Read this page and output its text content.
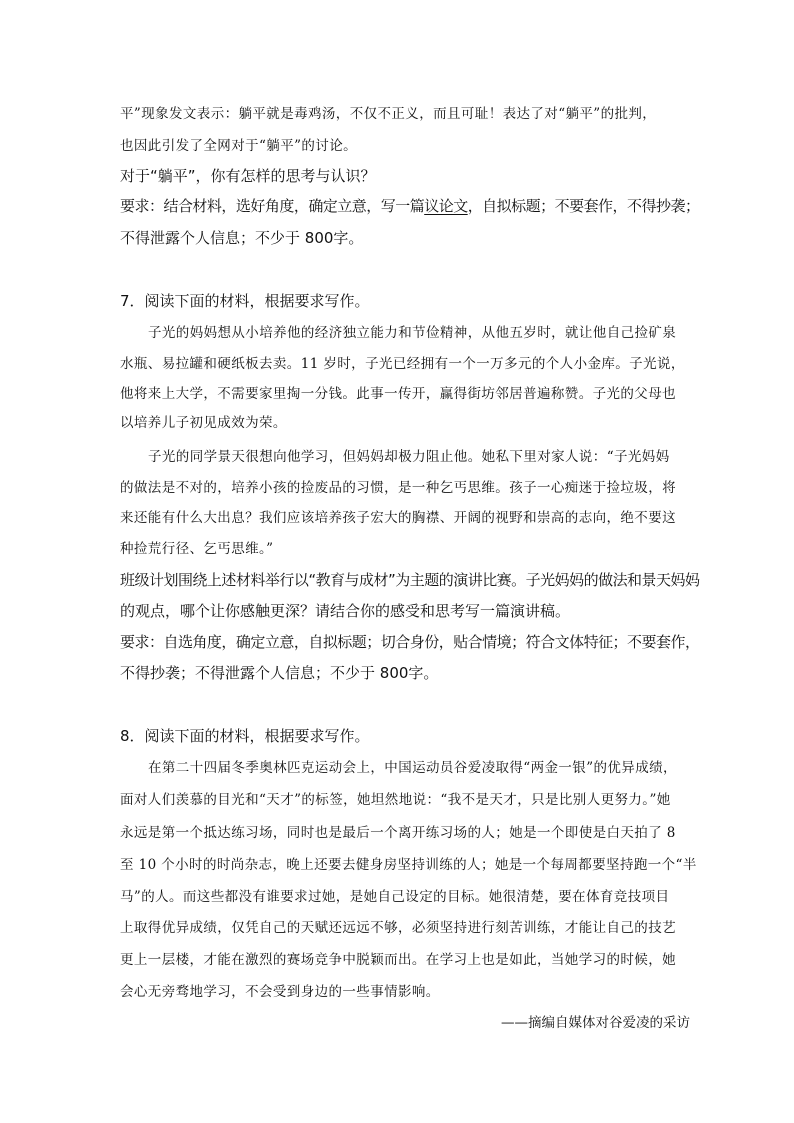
平”现象发文表示：躺平就是毒鸡汤，不仅不正义，而且可耻！表达了对“躺平”的批判，
也因此引发了全网对于“躺平”的讨论。
对于“躺平”，你有怎样的思考与认识？
要求：结合材料，选好角度，确定立意，写一篇议论文，自拟标题；不要套作，不得抄袭；
不得泄露个人信息；不少于 800字。
7．阅读下面的材料，根据要求写作。
子光的妈妈想从小培养他的经济独立能力和节俭精神，从他五岁时，就让他自己捡矿泉
水瓶、易拉罐和硬纸板去卖。11 岁时，子光已经拥有一个一万多元的个人小金库。子光说，
他将来上大学，不需要家里掏一分钱。此事一传开，赢得街坊邻居普遍称赞。子光的父母也
以培养儿子初见成效为荣。
子光的同学景天很想向他学习，但妈妈却极力阻止他。她私下里对家人说：“子光妈妈
的做法是不对的，培养小孩的捡废品的习惯，是一种乞丐思维。孩子一心痴迷于捡垃圾，将
来还能有什么大出息？我们应该培养孩子宏大的胸襟、开阔的视野和崇高的志向，绝不要这
种捡荒行径、乞丐思维。”
班级计划围绕上述材料举行以“教育与成材”为主题的演讲比赛。子光妈妈的做法和景天妈妈
的观点，哪个让你感触更深？请结合你的感受和思考写一篇演讲稿。
要求：自选角度，确定立意，自拟标题；切合身份，贴合情境；符合文体特征；不要套作，
不得抄袭；不得泄露个人信息；不少于 800字。
8．阅读下面的材料，根据要求写作。
在第二十四届冬季奥林匹克运动会上，中国运动员谷爱凌取得“两金一银”的优异成绩，
面对人们羡慕的目光和“天才”的标签，她坦然地说：“我不是天才，只是比别人更努力。”她
永远是第一个抵达练习场，同时也是最后一个离开练习场的人；她是一个即使是白天拍了 8
至 10 个小时的时尚杂志，晚上还要去健身房坚持训练的人；她是一个每周都要坚持跑一个“半
马”的人。而这些都没有谁要求过她，是她自己设定的目标。她很清楚，要在体育竞技项目
上取得优异成绩，仅凭自己的天赋还远远不够，必须坚持进行刻苦训练，才能让自己的技艺
更上一层楼，才能在激烈的赛场竞争中脱颖而出。在学习上也是如此，当她学习的时候，她
会心无旁骛地学习，不会受到身边的一些事情影响。
——摘编自媒体对谷爱凌的采访
